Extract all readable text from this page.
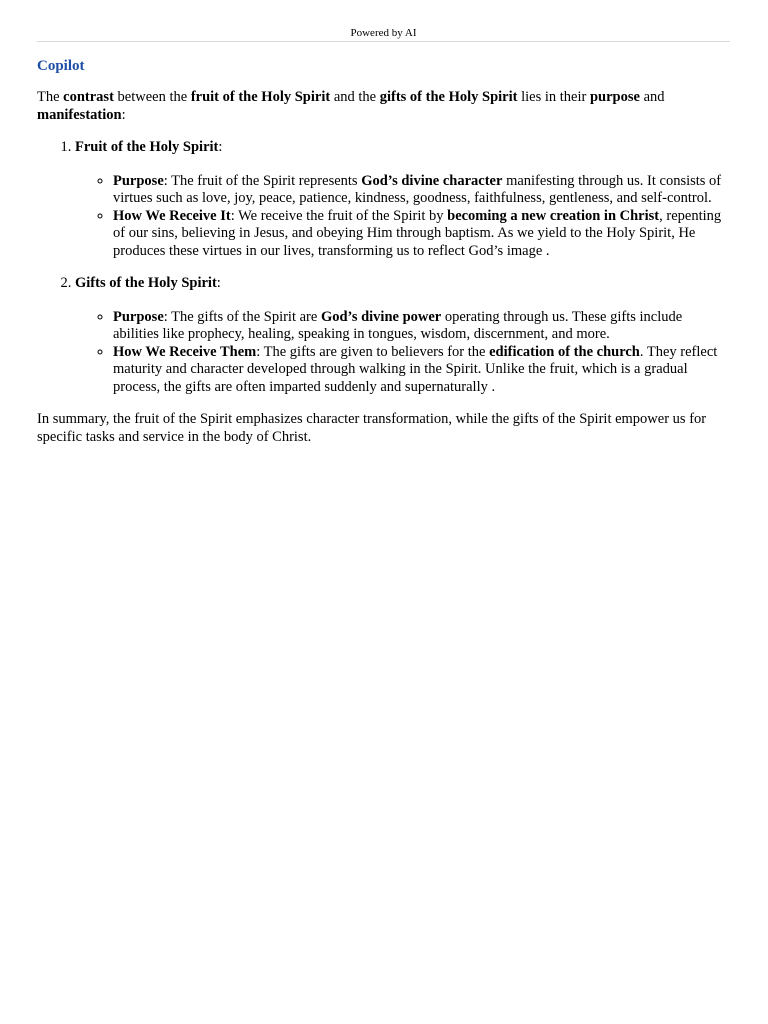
Powered by AI
Copilot

The contrast between the fruit of the Holy Spirit and the gifts of the Holy Spirit lies in their purpose and manifestation:

1. Fruit of the Holy Spirit:
◦ Purpose: The fruit of the Spirit represents God’s divine character manifesting through us. It consists of virtues such as love, joy, peace, patience, kindness, goodness, faithfulness, gentleness, and self-control.
◦ How We Receive It: We receive the fruit of the Spirit by becoming a new creation in Christ, repenting of our sins, believing in Jesus, and obeying Him through baptism. As we yield to the Holy Spirit, He produces these virtues in our lives, transforming us to reflect God’s image .
2. Gifts of the Holy Spirit:
◦ Purpose: The gifts of the Spirit are God’s divine power operating through us. These gifts include abilities like prophecy, healing, speaking in tongues, wisdom, discernment, and more.
◦ How We Receive Them: The gifts are given to believers for the edification of the church. They reflect maturity and character developed through walking in the Spirit. Unlike the fruit, which is a gradual process, the gifts are often imparted suddenly and supernaturally .

In summary, the fruit of the Spirit emphasizes character transformation, while the gifts of the Spirit empower us for specific tasks and service in the body of Christ.
